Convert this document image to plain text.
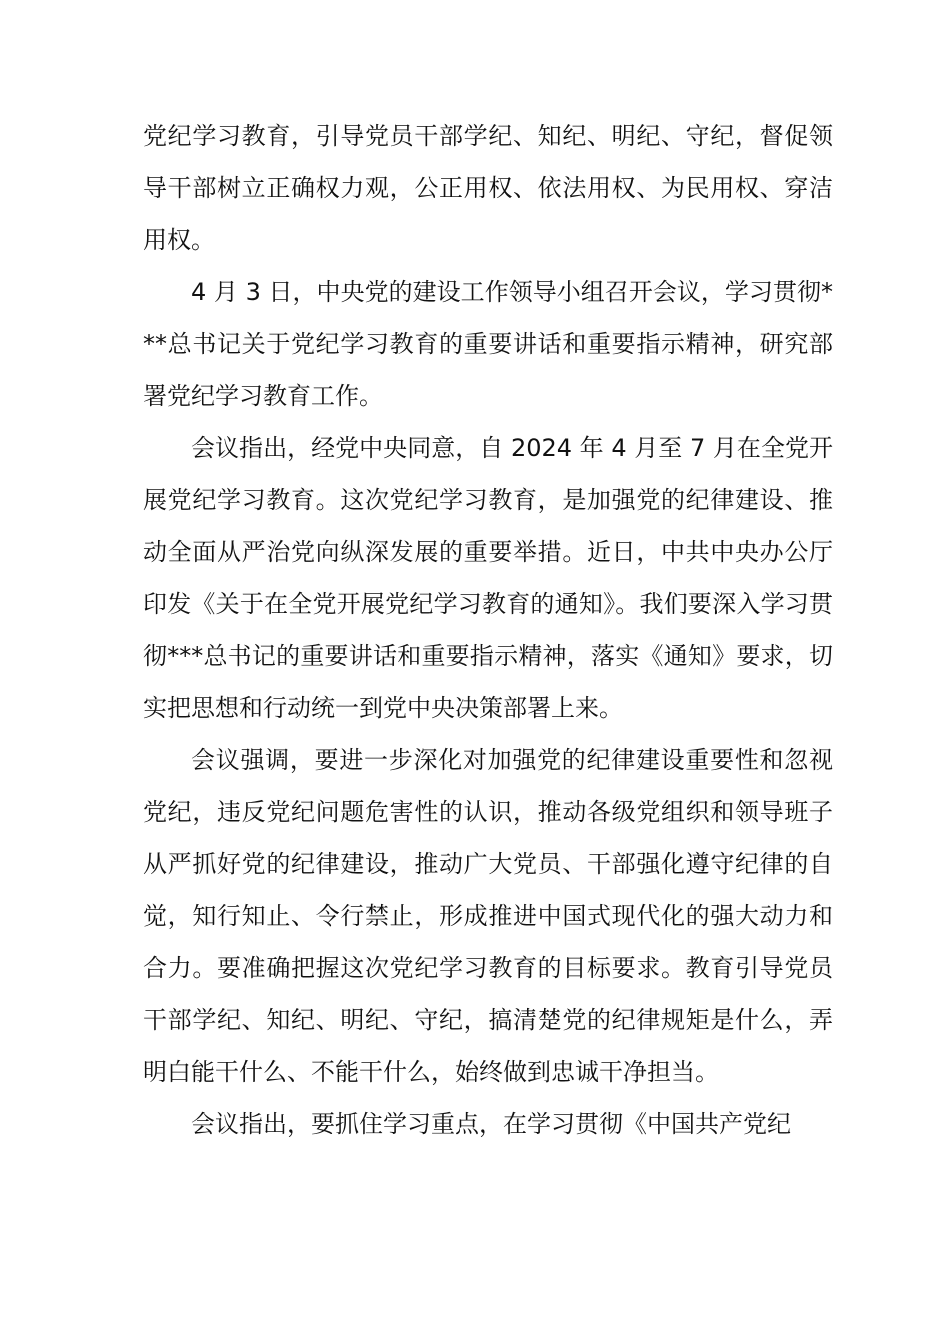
党纪学习教育，引导党员干部学纪、知纪、明纪、守纪，督促领导干部树立正确权力观，公正用权、依法用权、为民用权、穿洁用权。

4 月 3 日，中央党的建设工作领导小组召开会议，学习贯彻***总书记关于党纪学习教育的重要讲话和重要指示精神，研究部署党纪学习教育工作。

会议指出，经党中央同意，自 2024 年 4 月至 7 月在全党开展党纪学习教育。这次党纪学习教育，是加强党的纪律建设、推动全面从严治党向纵深发展的重要举措。近日，中共中央办公厅印发《关于在全党开展党纪学习教育的通知》。我们要深入学习贯彻***总书记的重要讲话和重要指示精神，落实《通知》要求，切实把思想和行动统一到党中央决策部署上来。

会议强调，要进一步深化对加强党的纪律建设重要性和忽视党纪，违反党纪问题危害性的认识，推动各级党组织和领导班子从严抓好党的纪律建设，推动广大党员、干部强化遵守纪律的自觉，知行知止、令行禁止，形成推进中国式现代化的强大动力和合力。要准确把握这次党纪学习教育的目标要求。教育引导党员干部学纪、知纪、明纪、守纪，搞清楚党的纪律规矩是什么，弄明白能干什么、不能干什么，始终做到忠诚干净担当。

会议指出，要抓住学习重点，在学习贯彻《中国共产党纪
